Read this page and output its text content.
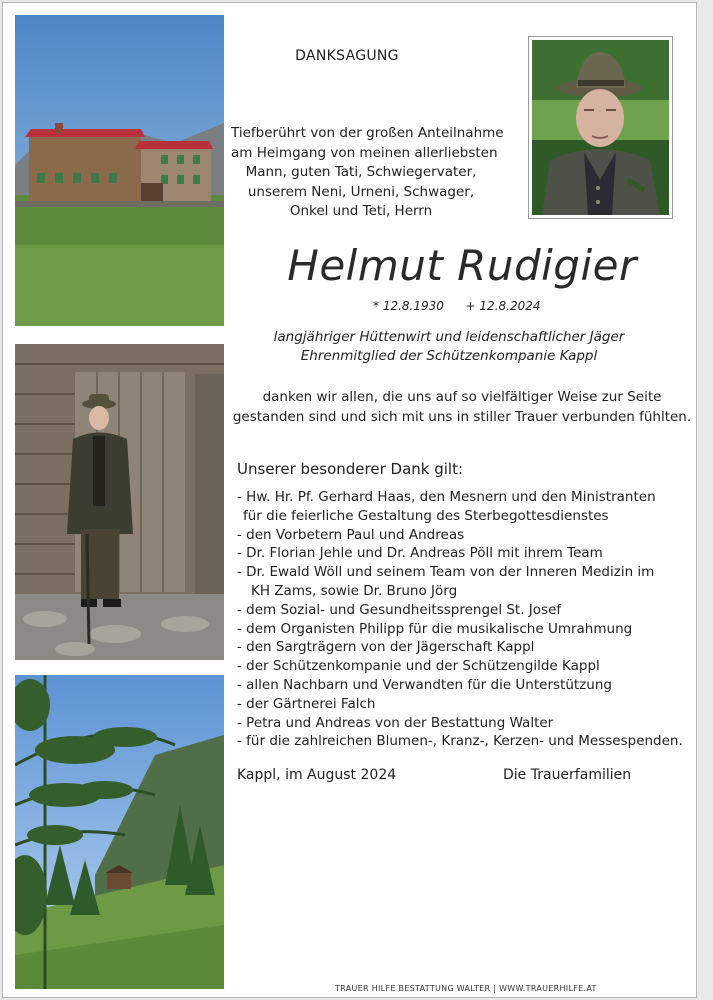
DANKSAGUNG
Tiefberührt von der großen Anteilnahme
am Heimgang von meinen allerliebsten
Mann, guten Tati, Schwiegervater,
unserem Neni, Urneni, Schwager,
Onkel und Teti, Herrn
Helmut Rudigier
* 12.8.1930 + 12.8.2024
langjähriger Hüttenwirt und leidenschaftlicher Jäger
Ehrenmitglied der Schützenkompanie Kappl
danken wir allen, die uns auf so vielfältiger Weise zur Seite
gestanden sind und sich mit uns in stiller Trauer verbunden fühlten.
Unserer besonderer Dank gilt:
- Hw. Hr. Pf. Gerhard Haas, den Mesnern und den Ministranten
für die feierliche Gestaltung des Sterbegottesdienstes
- den Vorbetern Paul und Andreas
- Dr. Florian Jehle und Dr. Andreas Pöll mit ihrem Team
- Dr. Ewald Wöll und seinem Team von der Inneren Medizin im
KH Zams, sowie Dr. Bruno Jörg
- dem Sozial- und Gesundheitssprengel St. Josef
- dem Organisten Philipp für die musikalische Umrahmung
- den Sargträgern von der Jägerschaft Kappl
- der Schützenkompanie und der Schützengilde Kappl
- allen Nachbarn und Verwandten für die Unterstützung
- der Gärtnerei Falch
- Petra und Andreas von der Bestattung Walter
- für die zahlreichen Blumen-, Kranz-, Kerzen- und Messespenden.
Kappl, im August 2024	Die Trauerfamilien
TRAUER HILFE BESTATTUNG WALTER | WWW.TRAUERHILFE.AT
